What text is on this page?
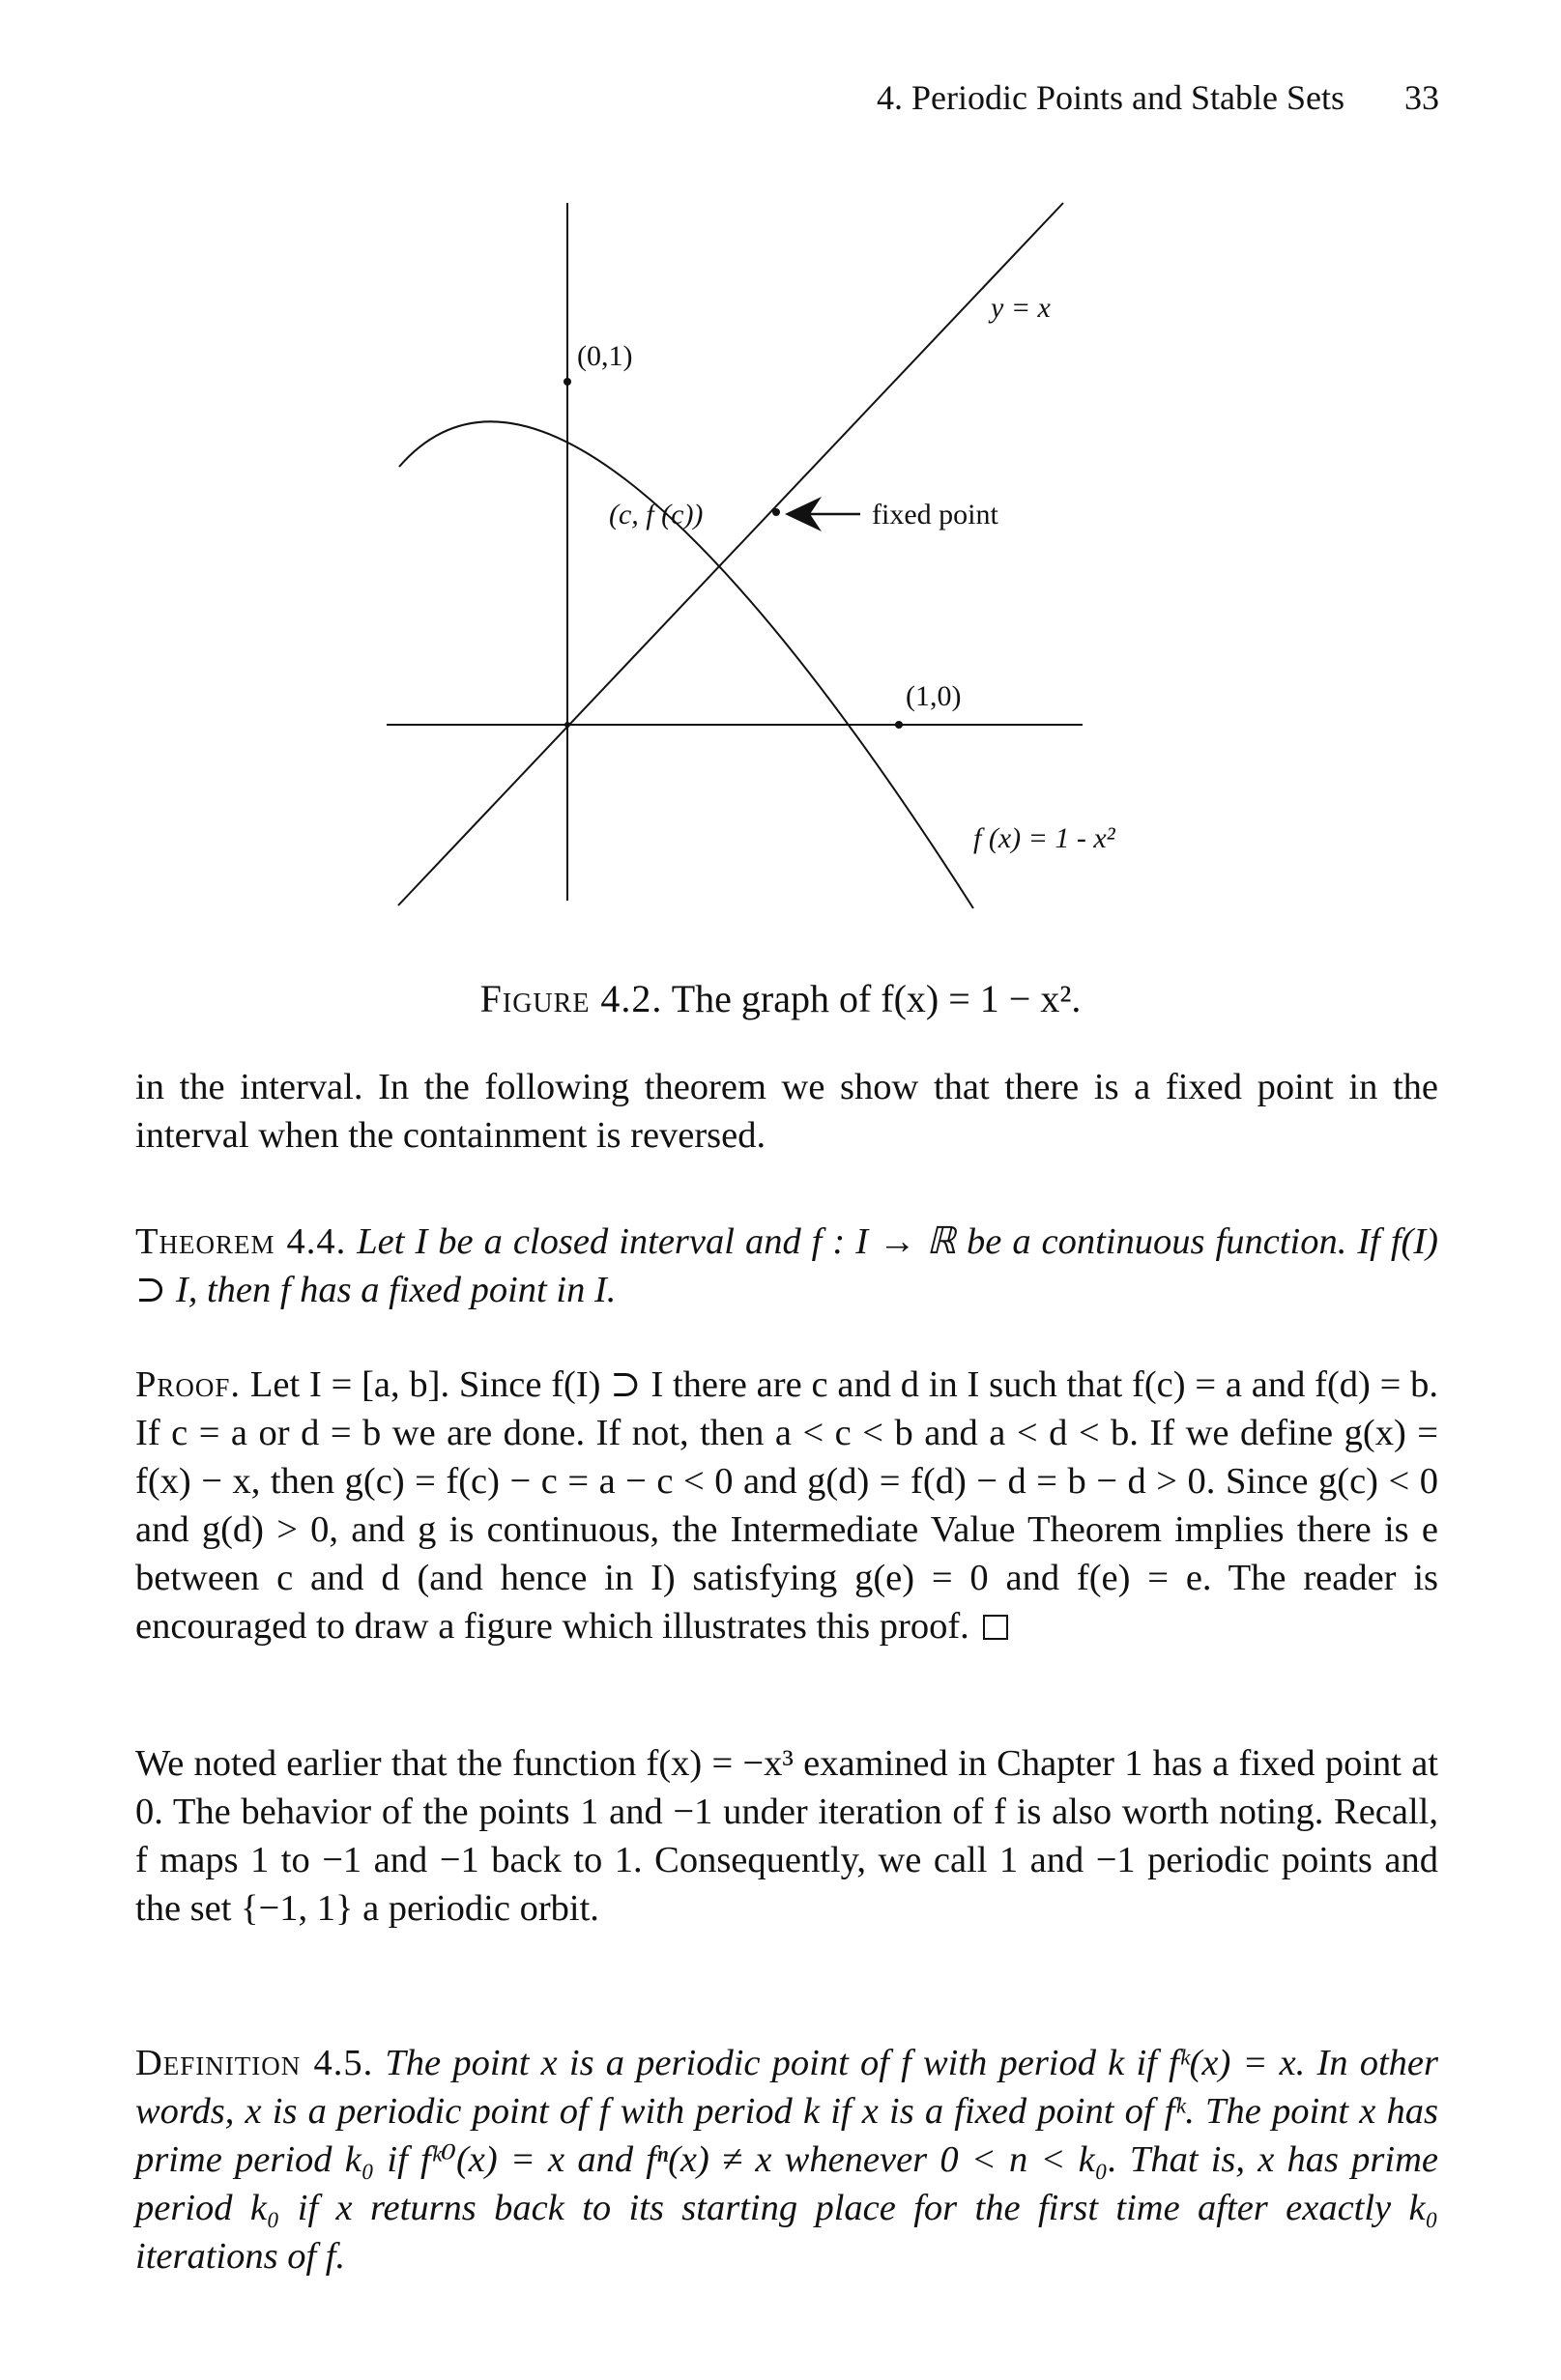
4. Periodic Points and Stable Sets 33
y = x
(0,1)
(c, f (c))	fixed point
(1,0)
f (x) = 1 - x²
Figure 4.2. The graph of f(x) = 1 − x².

in the interval. In the following theorem we show that there is a fixed point in the interval when the containment is reversed.

Theorem 4.4. Let I be a closed interval and f : I → ℝ be a continuous function. If f(I) ⊃ I, then f has a fixed point in I.

Proof. Let I = [a, b]. Since f(I) ⊃ I there are c and d in I such that f(c) = a and f(d) = b. If c = a or d = b we are done. If not, then a < c < b and a < d < b. If we define g(x) = f(x) − x, then g(c) = f(c) − c = a − c < 0 and g(d) = f(d) − d = b − d > 0. Since g(c) < 0 and g(d) > 0, and g is continuous, the Intermediate Value Theorem implies there is e between c and d (and hence in I) satisfying g(e) = 0 and f(e) = e. The reader is encouraged to draw a figure which illustrates this proof.

We noted earlier that the function f(x) = −x³ examined in Chapter 1 has a fixed point at 0. The behavior of the points 1 and −1 under iteration of f is also worth noting. Recall, f maps 1 to −1 and −1 back to 1. Consequently, we call 1 and −1 periodic points and the set {−1, 1} a periodic orbit.

Definition 4.5. The point x is a periodic point of f with period k if fᵏ(x) = x. In other words, x is a periodic point of f with period k if x is a fixed point of fᵏ. The point x has prime period k₀ if fᵏ⁰(x) = x and fⁿ(x) ≠ x whenever 0 < n < k₀. That is, x has prime period k₀ if x returns back to its starting place for the first time after exactly k₀ iterations of f.
